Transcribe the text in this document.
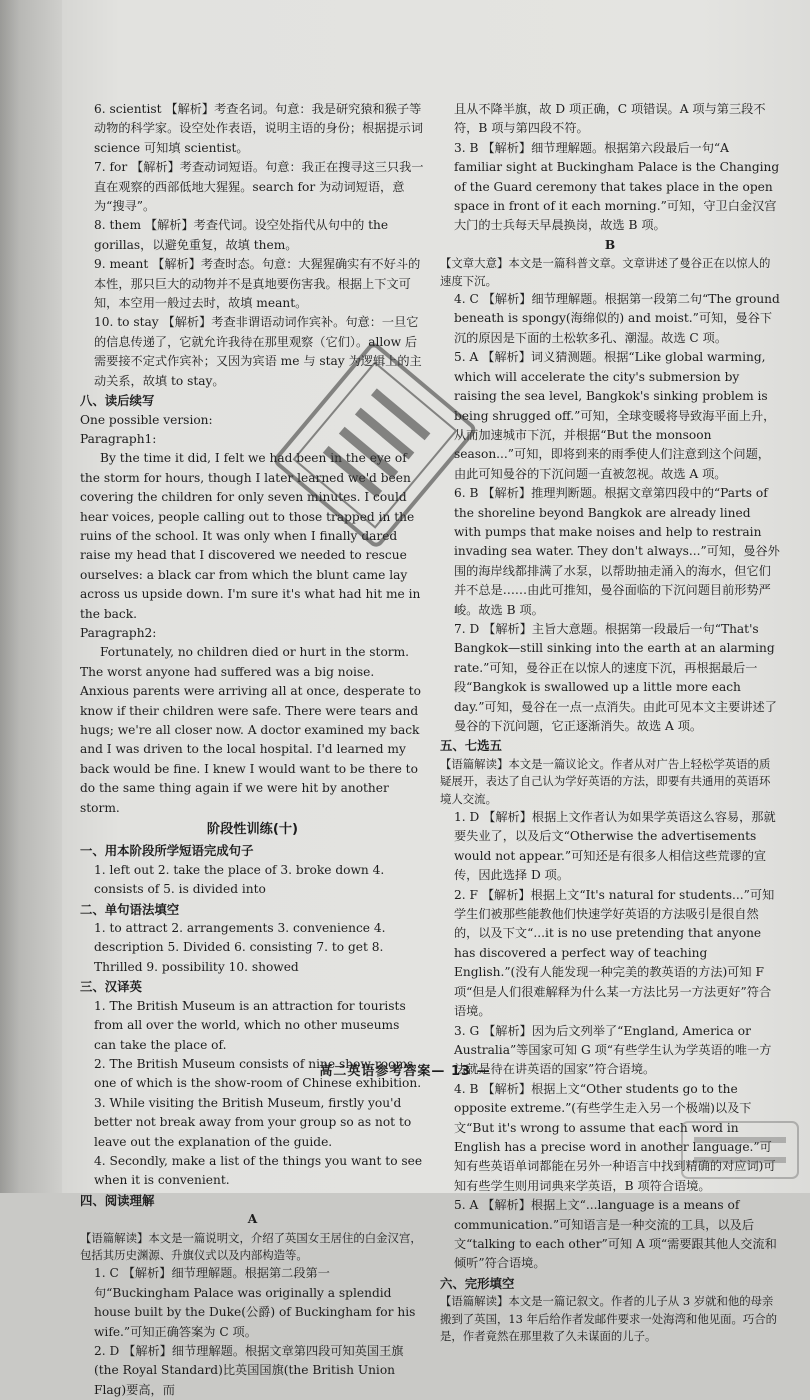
6. scientist 【解析】考查名词。句意：我是研究猿和猴子等动物的科学家。设空处作表语，说明主语的身份；根据提示词 science 可知填 scientist。
7. for 【解析】考查动词短语。句意：我正在搜寻这三只我一直在观察的西部低地大猩猩。search for 为动词短语，意为“搜寻”。
8. them 【解析】考查代词。设空处指代从句中的 the gorillas，以避免重复，故填 them。
9. meant 【解析】考查时态。句意：大猩猩确实有不好斗的本性，那只巨大的动物并不是真地要伤害我。根据上下文可知，本空用一般过去时，故填 meant。
10. to stay 【解析】考查非谓语动词作宾补。句意：一旦它的信息传递了，它就允许我待在那里观察（它们）。allow 后需要接不定式作宾补；又因为宾语 me 与 stay 为逻辑上的主动关系，故填 to stay。
八、读后续写
One possible version:
Paragraph1:
By the time it did, I felt we had been in the eye of the storm for hours, though I later learned we'd been covering the children for only seven minutes. I could hear voices, people calling out to those trapped in the ruins of the school. It was only when I finally dared raise my head that I discovered we needed to rescue ourselves: a black car from which the blunt came lay across us upside down. I'm sure it's what had hit me in the back.
Paragraph2:
Fortunately, no children died or hurt in the storm. The worst anyone had suffered was a big noise. Anxious parents were arriving all at once, desperate to know if their children were safe. There were tears and hugs; we're all closer now. A doctor examined my back and I was driven to the local hospital. I'd learned my back would be fine. I knew I would want to be there to do the same thing again if we were hit by another storm.
阶段性训练(十)
一、用本阶段所学短语完成句子
1. left out 2. take the place of 3. broke down 4. consists of 5. is divided into
二、单句语法填空
1. to attract 2. arrangements 3. convenience 4. description 5. Divided 6. consisting 7. to get 8. Thrilled 9. possibility 10. showed
三、汉译英
1. The British Museum is an attraction for tourists from all over the world, which no other museums can take the place of.
2. The British Museum consists of nine show-rooms, one of which is the show-room of Chinese exhibition.
3. While visiting the British Museum, firstly you'd better not break away from your group so as not to leave out the explanation of the guide.
4. Secondly, make a list of the things you want to see when it is convenient.
四、阅读理解
A
【语篇解读】本文是一篇说明文，介绍了英国女王居住的白金汉宫，包括其历史渊源、升旗仪式以及内部构造等。
1. C 【解析】细节理解题。根据第二段第一句“Buckingham Palace was originally a splendid house built by the Duke(公爵) of Buckingham for his wife.”可知正确答案为 C 项。
2. D 【解析】细节理解题。根据文章第四段可知英国王旗(the Royal Standard)比英国国旗(the British Union Flag)要高，而
且从不降半旗，故 D 项正确，C 项错误。A 项与第三段不符，B 项与第四段不符。
3. B 【解析】细节理解题。根据第六段最后一句“A familiar sight at Buckingham Palace is the Changing of the Guard ceremony that takes place in the open space in front of it each morning.”可知，守卫白金汉宫大门的士兵每天早晨换岗，故选 B 项。
B
【文章大意】本文是一篇科普文章。文章讲述了曼谷正在以惊人的速度下沉。
4. C 【解析】细节理解题。根据第一段第二句“The ground beneath is spongy(海绵似的) and moist.”可知，曼谷下沉的原因是下面的土松软多孔、潮湿。故选 C 项。
5. A 【解析】词义猜测题。根据“Like global warming, which will accelerate the city's submersion by raising the sea level, Bangkok's sinking problem is being shrugged off.”可知，全球变暖将导致海平面上升，从而加速城市下沉，并根据“But the monsoon season...”可知，即将到来的雨季使人们注意到这个问题，由此可知曼谷的下沉问题一直被忽视。故选 A 项。
6. B 【解析】推理判断题。根据文章第四段中的“Parts of the shoreline beyond Bangkok are already lined with pumps that make noises and help to restrain invading sea water. They don't always...”可知，曼谷外围的海岸线都排满了水泵，以帮助抽走涌入的海水，但它们并不总是……由此可推知，曼谷面临的下沉问题目前形势严峻。故选 B 项。
7. D 【解析】主旨大意题。根据第一段最后一句“That's Bangkok—still sinking into the earth at an alarming rate.”可知，曼谷正在以惊人的速度下沉，再根据最后一段“Bangkok is swallowed up a little more each day.”可知，曼谷在一点一点消失。由此可见本文主要讲述了曼谷的下沉问题，它正逐渐消失。故选 A 项。
五、七选五
【语篇解读】本文是一篇议论文。作者从对广告上轻松学英语的质疑展开，表达了自己认为学好英语的方法，即要有共通用的英语环境人交流。
1. D 【解析】根据上文作者认为如果学英语这么容易，那就要失业了，以及后文“Otherwise the advertisements would not appear.”可知还是有很多人相信这些荒谬的宣传，因此选择 D 项。
2. F 【解析】根据上文“It's natural for students...”可知学生们被那些能教他们快速学好英语的方法吸引是很自然的，以及下文“...it is no use pretending that anyone has discovered a perfect way of teaching English.”(没有人能发现一种完美的教英语的方法)可知 F 项“但是人们很难解释为什么某一方法比另一方法更好”符合语境。
3. G 【解析】因为后文列举了“England, America or Australia”等国家可知 G 项“有些学生认为学英语的唯一方法就是待在讲英语的国家”符合语境。
4. B 【解析】根据上文“Other students go to the opposite extreme.”(有些学生走入另一个极端)以及下文“But it's wrong to assume that each word in English has a precise word in another language.”可知有些英语单词都能在另外一种语言中找到精确的对应词)可知有些学生则用词典来学英语，B 项符合语境。
5. A 【解析】根据上文“...language is a means of communication.”可知语言是一种交流的工具，以及后文“talking to each other”可知 A 项“需要跟其他人交流和倾听”符合语境。
六、完形填空
【语篇解读】本文是一篇记叙文。作者的儿子从 3 岁就和他的母亲搬到了英国，13 年后给作者发邮件要求一处海湾和他见面。巧合的是，作者竟然在那里救了久未谋面的儿子。
高二英语参考答案— 13 —
